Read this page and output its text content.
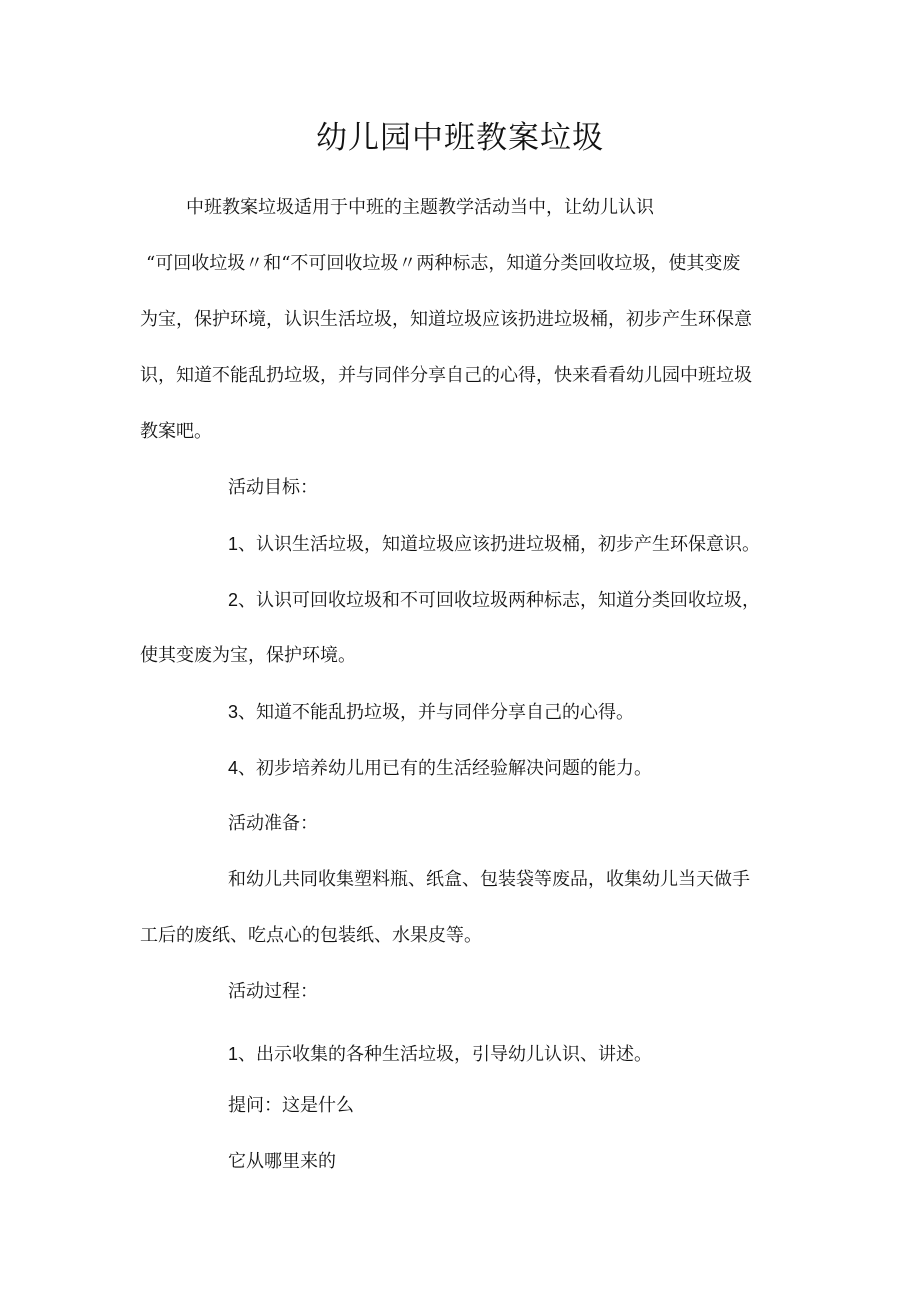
幼儿园中班教案垃圾
中班教案垃圾适用于中班的主题教学活动当中，让幼儿认识
“可回收垃圾〃和“不可回收垃圾〃两种标志，知道分类回收垃圾，使其变废
为宝，保护环境，认识生活垃圾，知道垃圾应该扔进垃圾桶，初步产生环保意
识，知道不能乱扔垃圾，并与同伴分享自己的心得，快来看看幼儿园中班垃圾
教案吧。
活动目标：
1、认识生活垃圾，知道垃圾应该扔进垃圾桶，初步产生环保意识。
2、认识可回收垃圾和不可回收垃圾两种标志，知道分类回收垃圾，
使其变废为宝，保护环境。
3、知道不能乱扔垃圾，并与同伴分享自己的心得。
4、初步培养幼儿用已有的生活经验解决问题的能力。
活动准备：
和幼儿共同收集塑料瓶、纸盒、包装袋等废品，收集幼儿当天做手
工后的废纸、吃点心的包装纸、水果皮等。
活动过程：
1、出示收集的各种生活垃圾，引导幼儿认识、讲述。
提问：这是什么
它从哪里来的
